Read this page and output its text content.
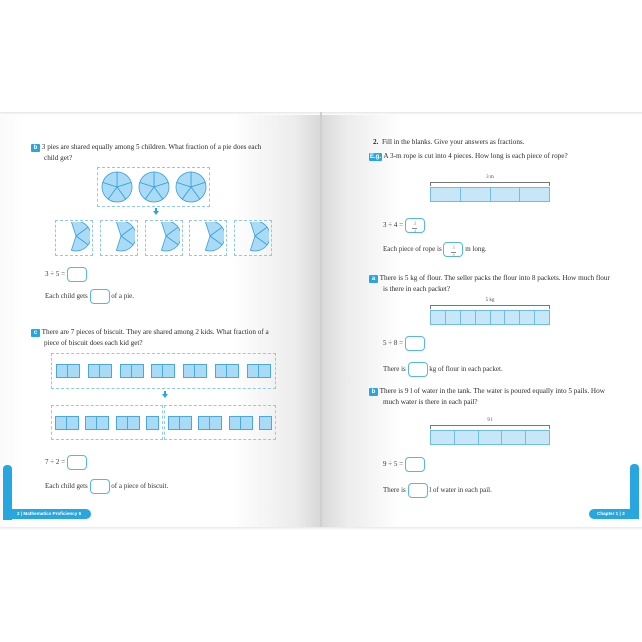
b 3 pies are shared equally among 5 children. What fraction of a pie does each
child get?
3 ÷ 5 =
Each child gets	of a pie.
c There are 7 pieces of biscuit. They are shared among 2 kids. What fraction of a
piece of biscuit does each kid get?
7 ÷ 2 =
Each child gets	of a piece of biscuit.
2 | Mathematics Proficiency 5
2. Fill in the blanks. Give your answers as fractions.
E.g. A 3-m rope is cut into 4 pieces. How long is each piece of rope?
3 m
$3 \div 4 = \frac{3}{4}$
Each piece of rope is $\frac{3}{4}$ m long.
a There is 5 kg of flour. The seller packs the flour into 8 packets. How much flour
is there in each packet?
5 kg
5 ÷ 8 =
There is	kg of flour in each packet.
b There is 9 l of water in the tank. The water is poured equally into 5 pails. How
much water is there in each pail?
9 l
9 ÷ 5 =
There is	l of water in each pail.
Chapter 1 | 3
